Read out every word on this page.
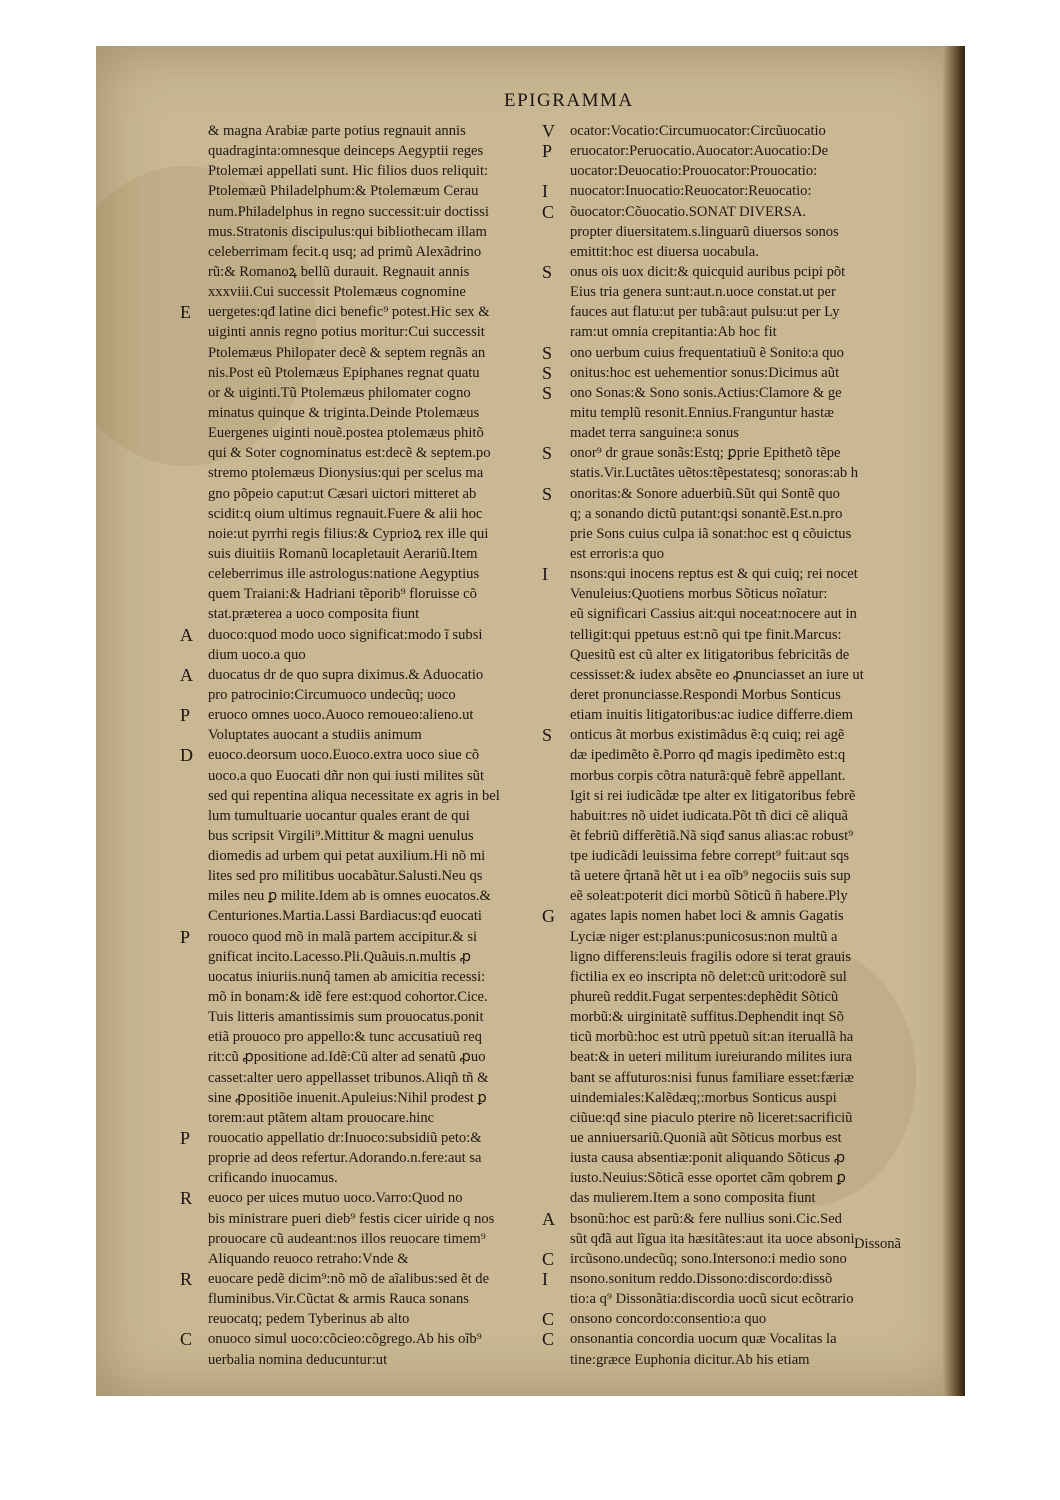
EPIGRAMMA
& magna Arabiæ parte potius regnauit annis
quadraginta:omnesque deinceps Aegyptii reges
Ptolemæi appellati sunt. Hic filios duos reliquit:
Ptolemæũ Philadelphum:& Ptolemæum Cerau
num.Philadelphus in regno successit:uir doctissi
mus.Stratonis discipulus:qui bibliothecam illam
celeberrimam fecit.q usq; ad primũ Alexãdrino
rũ:& Romanoꝝ bellũ durauit. Regnauit annis
xxxviii.Cui successit Ptolemæus cognomine
E uergetes:qđ latine dici benefic⁹ potest.Hic sex &
uiginti annis regno potius moritur:Cui successit
Ptolemæus Philopater decẽ & septem regnãs an
nis.Post eũ Ptolemæus Epiphanes regnat quatu
or & uiginti.Tũ Ptolemæus philomater cogno
minatus quinque & triginta.Deinde Ptolemæus
Euergenes uiginti nouẽ.postea ptolemæus phitõ
qui & Soter cognominatus est:decẽ & septem.po
stremo ptolemæus Dionysius:qui per scelus ma
gno põpeio caput:ut Cæsari uictori mitteret ab
scidit:q oium ultimus regnauit.Fuere & alii hoc
noie:ut pyrrhi regis filius:& Cyprioꝝ rex ille qui
suis diuitiis Romanũ locapletauit Aerariũ.Item
celeberrimus ille astrologus:natione Aegyptius
quem Traiani:& Hadriani tẽporib⁹ floruisse cõ
stat.præterea a uoco composita fiunt
A duoco:quod modo uoco significat:modo ĩ subsi
dium uoco.a quo
A duocatus dr de quo supra diximus.& Aduocatio
pro patrocinio:Circumuoco undecũq; uoco
P eruoco omnes uoco.Auoco remoueo:alieno.ut
Voluptates auocant a studiis animum
D euoco.deorsum uoco.Euoco.extra uoco siue cõ
uoco.a quo Euocati dñr non qui iusti milites sũt
sed qui repentina aliqua necessitate ex agris in bel
lum tumultuarie uocantur quales erant de qui
bus scripsit Virgili⁹.Mittitur & magni uenulus
diomedis ad urbem qui petat auxilium.Hi nõ mi
lites sed pro militibus uocabãtur.Salusti.Neu qs
miles neu ꝑ milite.Idem ab is omnes euocatos.&
Centuriones.Martia.Lassi Bardiacus:qđ euocati
P rouoco quod mõ in malã partem accipitur.& si
gnificat incito.Lacesso.Pli.Quãuis.n.multis ꝓ
uocatus iniuriis.nunq̃ tamen ab amicitia recessi:
mõ in bonam:& idẽ fere est:quod cohortor.Cice.
Tuis litteris amantissimis sum prouocatus.ponit
etiã prouoco pro appello:& tunc accusatiuũ req
rit:cũ ꝓpositione ad.Idẽ:Cũ alter ad senatũ ꝓuo
casset:alter uero appellasset tribunos.Aliqñ tñ &
sine ꝓpositiõe inuenit.Apuleius:Nihil prodest ꝑ
torem:aut ptãtem altam prouocare.hinc
P rouocatio appellatio dr:Inuoco:subsidiũ peto:&
proprie ad deos refertur.Adorando.n.fere:aut sa
crificando inuocamus.
R euoco per uices mutuo uoco.Varro:Quod no
bis ministrare pueri dieb⁹ festis cicer uiride q nos
prouocare cũ audeant:nos illos reuocare timem⁹
Aliquando reuoco retraho:Vnde &
R euocare pedẽ dicim⁹:nõ mõ de aĩalibus:sed ẽt de
fluminibus.Vir.Cũctat & armis Rauca sonans
reuocatq; pedem Tyberinus ab alto
C onuoco simul uoco:cõcieo:cõgrego.Ab his oĩb⁹
uerbalia nomina deducuntur:ut
V ocator:Vocatio:Circumuocator:Circũuocatio
P eruocator:Peruocatio.Auocator:Auocatio:De
uocator:Deuocatio:Prouocator:Prouocatio:
I nuocator:Inuocatio:Reuocator:Reuocatio:
C õuocator:Cõuocatio.SONAT DIVERSA.
propter diuersitatem.s.linguarũ diuersos sonos
emittit:hoc est diuersa uocabula.
S onus ois uox dicit:& quicquid auribus pcipi põt
Eius tria genera sunt:aut.n.uoce constat.ut per
fauces aut flatu:ut per tubã:aut pulsu:ut per Ly
ram:ut omnia crepitantia:Ab hoc fit
S ono uerbum cuius frequentatiuũ ẽ Sonito:a quo
S onitus:hoc est uehementior sonus:Dicimus aũt
S ono Sonas:& Sono sonis.Actius:Clamore & ge
mitu templũ resonit.Ennius.Franguntur hastæ
madet terra sanguine:a sonus
S onor⁹ dr graue sonãs:Estq; ꝑprie Epithetõ tẽpe
statis.Vir.Luctãtes uẽtos:tẽpestatesq; sonoras:ab h
S onoritas:& Sonore aduerbiũ.Sũt qui Sontẽ quo
q; a sonando dictũ putant:qsi sonantẽ.Est.n.pro
prie Sons cuius culpa iã sonat:hoc est q cõuictus
est erroris:a quo
I nsons:qui inocens reptus est & qui cuiq; rei nocet
Venuleius:Quotiens morbus Sõticus noĩatur:
eũ significari Cassius ait:qui noceat:nocere aut in
telligit:qui ppetuus est:nõ qui tpe finit.Marcus:
Quesitũ est cũ alter ex litigatoribus febricitãs de
cessisset:& iudex absẽte eo ꝓnunciasset an iure ut
deret pronunciasse.Respondi Morbus Sonticus
etiam inuitis litigatoribus:ac iudice differre.diem
S onticus ãt morbus existimãdus ẽ:q cuiq; rei agẽ
dæ ipedimẽto ẽ.Porro qđ magis ipedimẽto est:q
morbus corpis cõtra naturã:quẽ febrẽ appellant.
Igit si rei iudicãdæ tpe alter ex litigatoribus febrẽ
habuit:res nõ uidet iudicata.Põt tñ dici cẽ aliquã
ẽt febriũ differẽtiã.Nã siqđ sanus alias:ac robust⁹
tpe iudicãdi leuissima febre corrept⁹ fuit:aut sqs
tã uetere q̃rtanã hẽt ut i ea oĩb⁹ negociis suis sup
eẽ soleat:poterit dici morbũ Sõticũ ñ habere.Ply
G agates lapis nomen habet loci & amnis Gagatis
Lyciæ niger est:planus:punicosus:non multũ a
ligno differens:leuis fragilis odore si terat grauis
fictilia ex eo inscripta nõ delet:cũ urit:odorẽ sul
phureũ reddit.Fugat serpentes:dephẽdit Sõticũ
morbũ:& uirginitatẽ suffitus.Dephendit inqt Sõ
ticũ morbũ:hoc est utrũ ppetuũ sit:an iteruallã ha
beat:& in ueteri militum iureiurando milites iura
bant se affuturos:nisi funus familiare esset:færiæ
uindemiales:Kalẽdæq;:morbus Sonticus auspi
ciũue:qđ sine piaculo pterire nõ liceret:sacrificiũ
ue anniuersariũ.Quoniã aũt Sõticus morbus est
iusta causa absentiæ:ponit aliquando Sõticus ꝓ
iusto.Neuius:Sõticã esse oportet cãm qobrem ꝑ
das mulierem.Item a sono composita fiunt
A bsonũ:hoc est parũ:& fere nullius soni.Cic.Sed
sũt qđã aut lĩgua ita hæsitãtes:aut ita uoce absoni
C ircũsono.undecũq; sono.Intersono:i medio sono
I nsono.sonitum reddo.Dissono:discordo:dissõ
tio:a q⁹ Dissonãtia:discordia uocũ sicut ecõtrario
C onsono concordo:consentio:a quo
C onsonantia concordia uocum quæ Vocalitas la
tine:græce Euphonia dicitur.Ab his etiam
Dissonã
